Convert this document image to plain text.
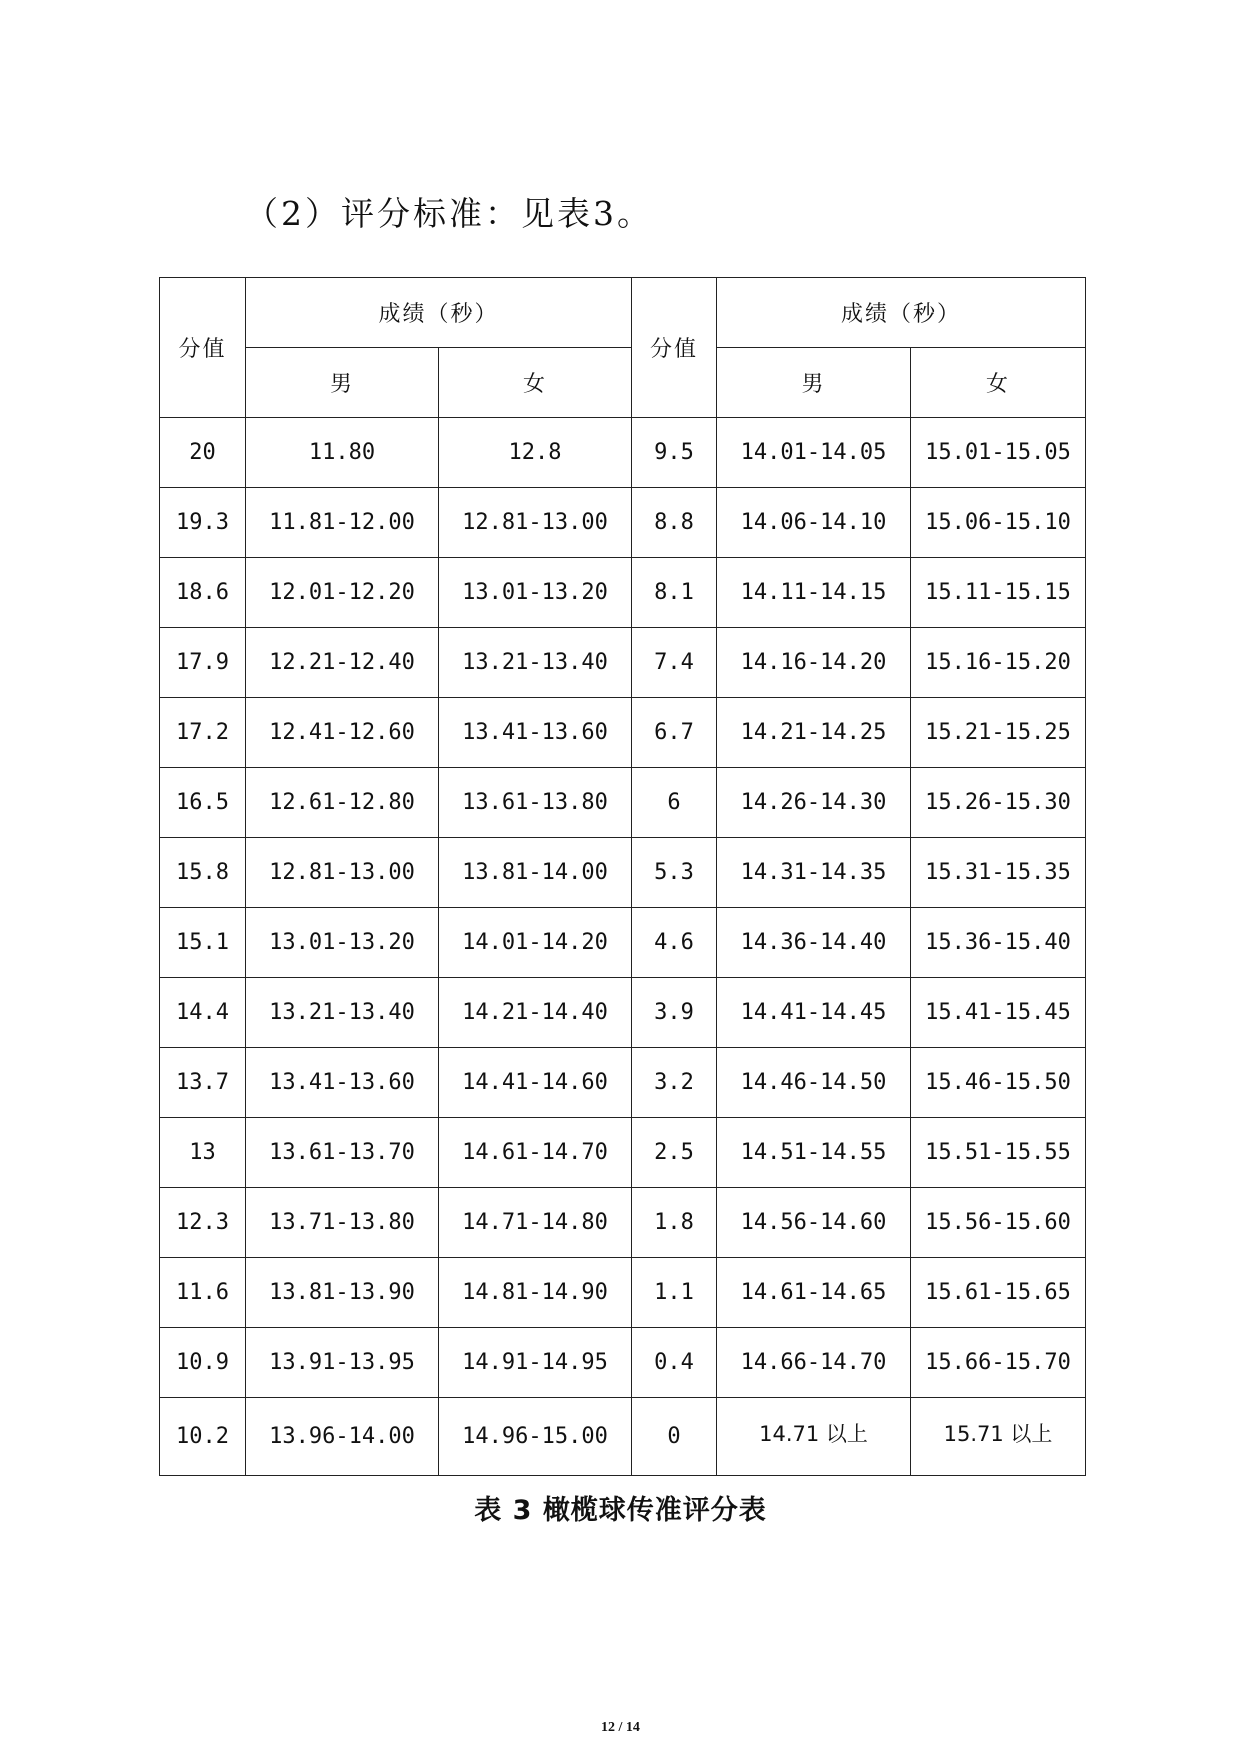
（2）评分标准：见表3。
分值	成绩（秒）		分值	成绩（秒）	
	男	女		男	女
20	11.80	12.8	9.5	14.01-14.05	15.01-15.05
19.3	11.81-12.00	12.81-13.00	8.8	14.06-14.10	15.06-15.10
18.6	12.01-12.20	13.01-13.20	8.1	14.11-14.15	15.11-15.15
17.9	12.21-12.40	13.21-13.40	7.4	14.16-14.20	15.16-15.20
17.2	12.41-12.60	13.41-13.60	6.7	14.21-14.25	15.21-15.25
16.5	12.61-12.80	13.61-13.80	6	14.26-14.30	15.26-15.30
15.8	12.81-13.00	13.81-14.00	5.3	14.31-14.35	15.31-15.35
15.1	13.01-13.20	14.01-14.20	4.6	14.36-14.40	15.36-15.40
14.4	13.21-13.40	14.21-14.40	3.9	14.41-14.45	15.41-15.45
13.7	13.41-13.60	14.41-14.60	3.2	14.46-14.50	15.46-15.50
13	13.61-13.70	14.61-14.70	2.5	14.51-14.55	15.51-15.55
12.3	13.71-13.80	14.71-14.80	1.8	14.56-14.60	15.56-15.60
11.6	13.81-13.90	14.81-14.90	1.1	14.61-14.65	15.61-15.65
10.9	13.91-13.95	14.91-14.95	0.4	14.66-14.70	15.66-15.70
10.2	13.96-14.00	14.96-15.00	0	14.71 以上	15.71 以上
表 3 橄榄球传准评分表
12 / 14
